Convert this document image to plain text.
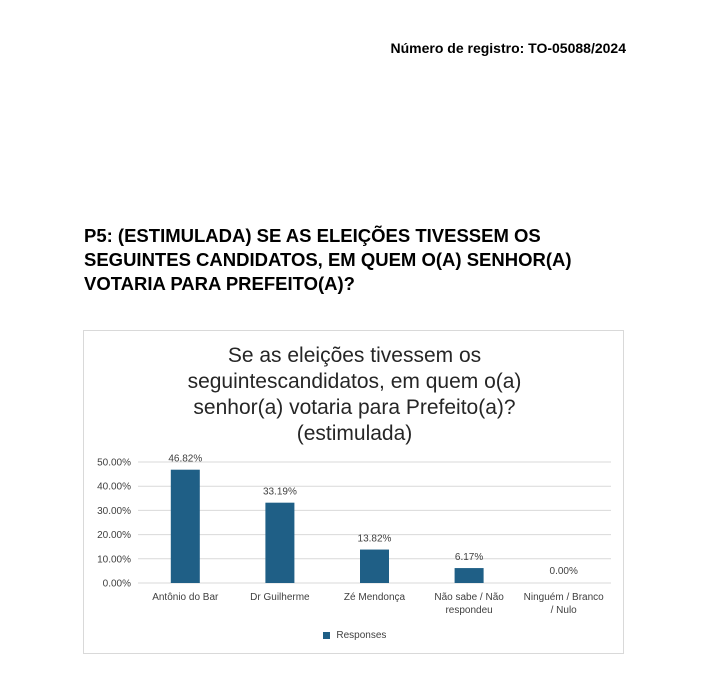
Número de registro: TO-05088/2024
P5: (ESTIMULADA) SE AS ELEIÇÕES TIVESSEM OS
SEGUINTES CANDIDATOS, EM QUEM O(A) SENHOR(A)
VOTARIA PARA PREFEITO(A)?
Se as eleições tivessem os
seguintescandidatos, em quem o(a)
senhor(a) votaria para Prefeito(a)?
(estimulada)
0.00%
10.00%
20.00%
30.00%
40.00%
50.00%	46.82%
Antônio do Bar
33.19%
Dr Guilherme
13.82%
Zé Mendonça
6.17%
Não sabe / Não
respondeu
0.00%
Ninguém / Branco
/ Nulo
Responses
